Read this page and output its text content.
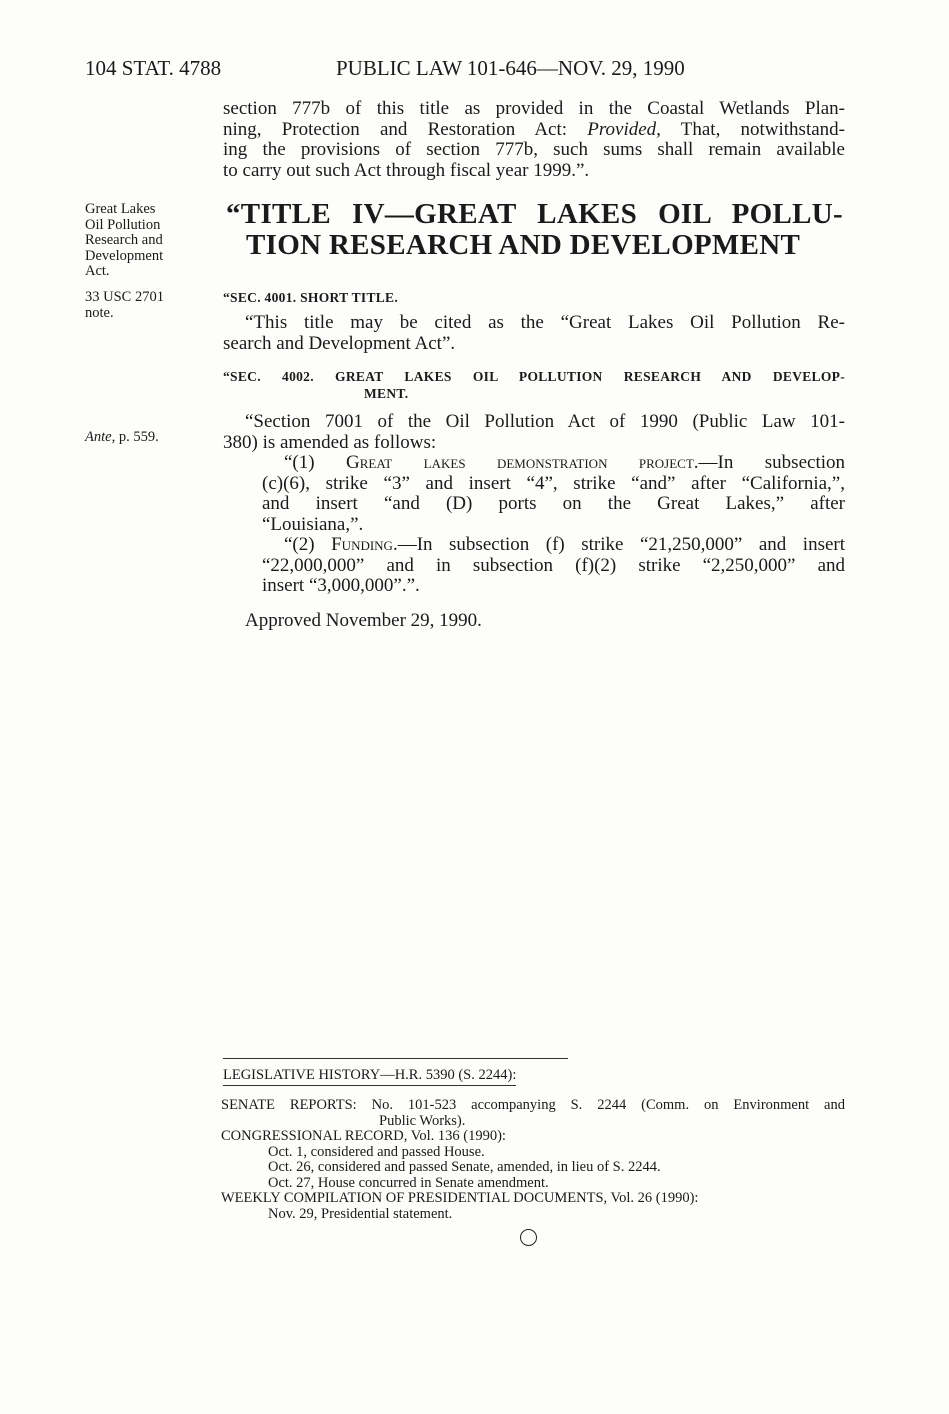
104 STAT. 4788	PUBLIC LAW 101-646—NOV. 29, 1990
section 777b of this title as provided in the Coastal Wetlands Plan-
ning, Protection and Restoration Act: Provided, That, notwithstand-
ing the provisions of section 777b, such sums shall remain available
to carry out such Act through fiscal year 1999.”.
Great Lakes
Oil Pollution
Research and
Development
Act.
33 USC 2701
note.
Ante, p. 559.
“TITLE IV—GREAT LAKES OIL POLLU-
TION RESEARCH AND DEVELOPMENT
“SEC. 4001. SHORT TITLE.
“This title may be cited as the “Great Lakes Oil Pollution Re-
search and Development Act”.
“SEC. 4002. GREAT LAKES OIL POLLUTION RESEARCH AND DEVELOP-
MENT.
“Section 7001 of the Oil Pollution Act of 1990 (Public Law 101-
380) is amended as follows:
“(1) Great lakes demonstration project.—In subsection
(c)(6), strike “3” and insert “4”, strike “and” after “California,”,
and insert “and (D) ports on the Great Lakes,” after
“Louisiana,”.
“(2) Funding.—In subsection (f) strike “21,250,000” and insert
“22,000,000” and in subsection (f)(2) strike “2,250,000” and
insert “3,000,000”.”.
Approved November 29, 1990.
LEGISLATIVE HISTORY—H.R. 5390 (S. 2244):
SENATE REPORTS: No. 101-523 accompanying S. 2244 (Comm. on Environment and
Public Works).
CONGRESSIONAL RECORD, Vol. 136 (1990):
Oct. 1, considered and passed House.
Oct. 26, considered and passed Senate, amended, in lieu of S. 2244.
Oct. 27, House concurred in Senate amendment.
WEEKLY COMPILATION OF PRESIDENTIAL DOCUMENTS, Vol. 26 (1990):
Nov. 29, Presidential statement.
